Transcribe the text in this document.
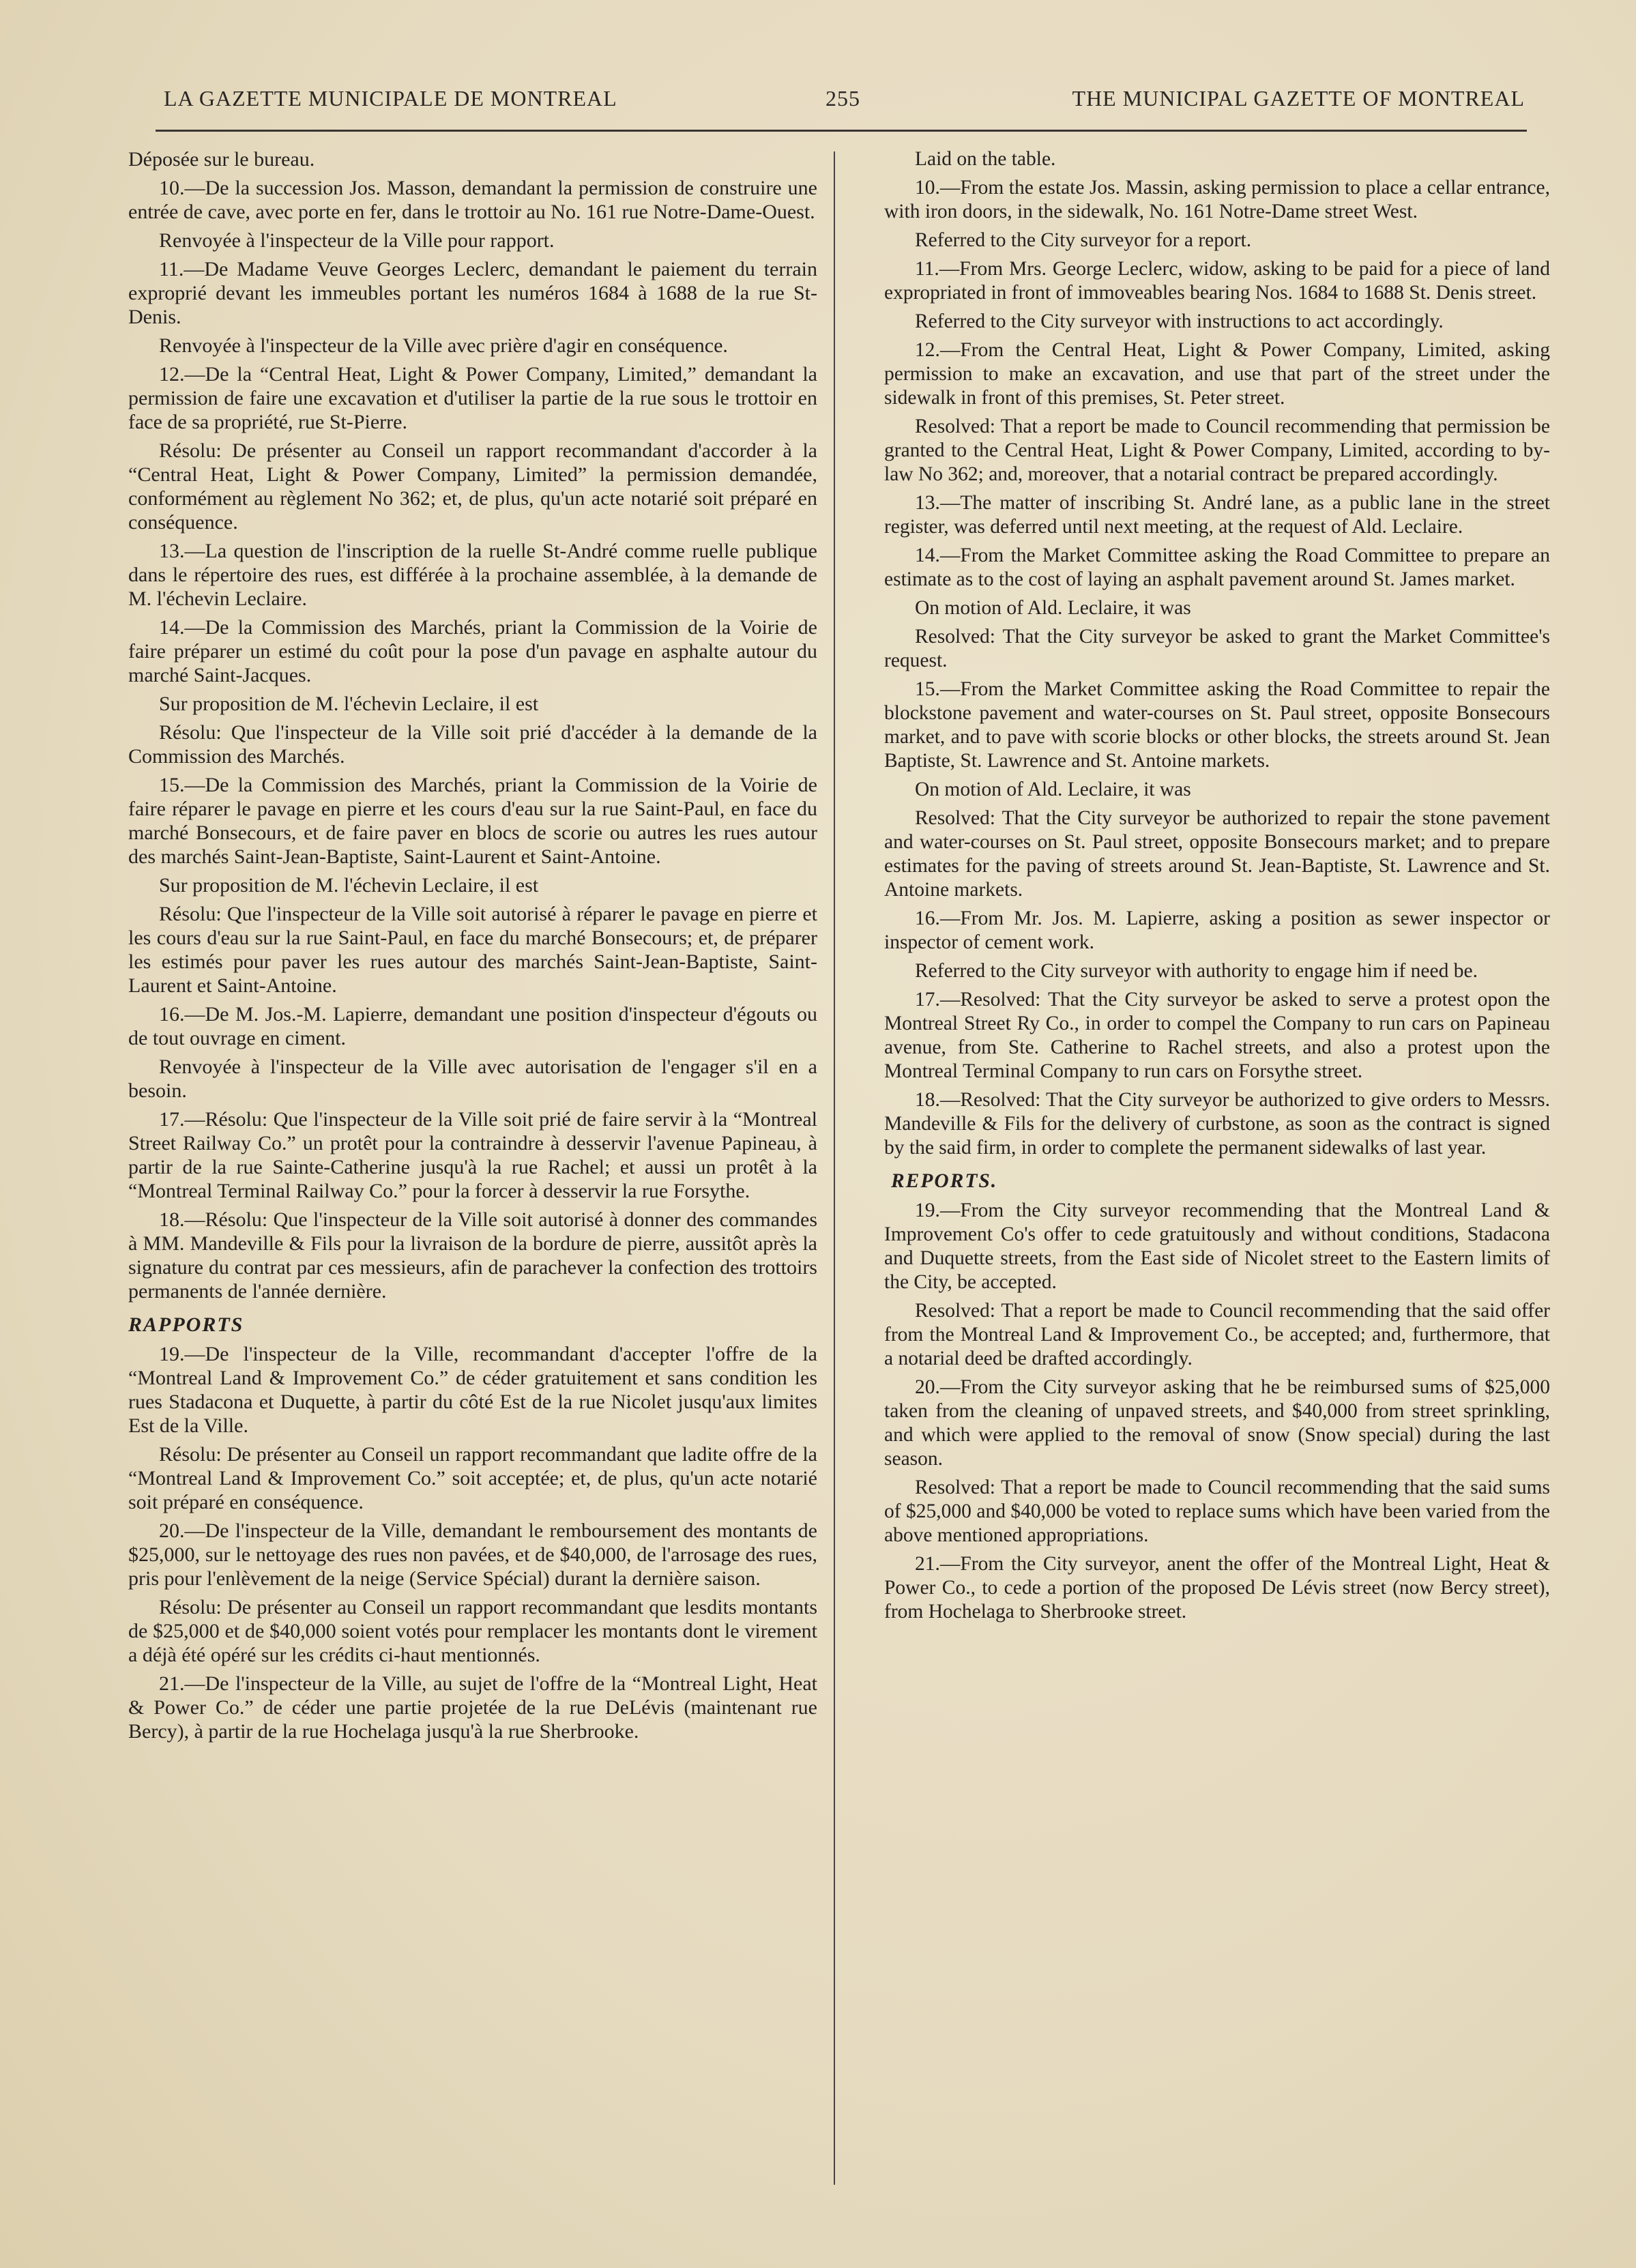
LA GAZETTE MUNICIPALE DE MONTREAL	255	THE MUNICIPAL GAZETTE OF MONTREAL

Déposée sur le bureau.

10.—De la succession Jos. Masson, demandant la permission de construire une entrée de cave, avec porte en fer, dans le trottoir au No. 161 rue Notre-Dame-Ouest.

Renvoyée à l'inspecteur de la Ville pour rapport.

11.—De Madame Veuve Georges Leclerc, demandant le paiement du terrain exproprié devant les immeubles portant les numéros 1684 à 1688 de la rue St-Denis.

Renvoyée à l'inspecteur de la Ville avec prière d'agir en conséquence.

12.—De la “Central Heat, Light & Power Company, Limited,” demandant la permission de faire une excavation et d'utiliser la partie de la rue sous le trottoir en face de sa propriété, rue St-Pierre.

Résolu: De présenter au Conseil un rapport recommandant d'accorder à la “Central Heat, Light & Power Company, Limited” la permission demandée, conformément au règlement No 362; et, de plus, qu'un acte notarié soit préparé en conséquence.

13.—La question de l'inscription de la ruelle St-André comme ruelle publique dans le répertoire des rues, est différée à la prochaine assemblée, à la demande de M. l'échevin Leclaire.

14.—De la Commission des Marchés, priant la Commission de la Voirie de faire préparer un estimé du coût pour la pose d'un pavage en asphalte autour du marché Saint-Jacques.

Sur proposition de M. l'échevin Leclaire, il est

Résolu: Que l'inspecteur de la Ville soit prié d'accéder à la demande de la Commission des Marchés.

15.—De la Commission des Marchés, priant la Commission de la Voirie de faire réparer le pavage en pierre et les cours d'eau sur la rue Saint-Paul, en face du marché Bonsecours, et de faire paver en blocs de scorie ou autres les rues autour des marchés Saint-Jean-Baptiste, Saint-Laurent et Saint-Antoine.

Sur proposition de M. l'échevin Leclaire, il est

Résolu: Que l'inspecteur de la Ville soit autorisé à réparer le pavage en pierre et les cours d'eau sur la rue Saint-Paul, en face du marché Bonsecours; et, de préparer les estimés pour paver les rues autour des marchés Saint-Jean-Baptiste, Saint-Laurent et Saint-Antoine.

16.—De M. Jos.-M. Lapierre, demandant une position d'inspecteur d'égouts ou de tout ouvrage en ciment.

Renvoyée à l'inspecteur de la Ville avec autorisation de l'engager s'il en a besoin.

17.—Résolu: Que l'inspecteur de la Ville soit prié de faire servir à la “Montreal Street Railway Co.” un protêt pour la contraindre à desservir l'avenue Papineau, à partir de la rue Sainte-Catherine jusqu'à la rue Rachel; et aussi un protêt à la “Montreal Terminal Railway Co.” pour la forcer à desservir la rue Forsythe.

18.—Résolu: Que l'inspecteur de la Ville soit autorisé à donner des commandes à MM. Mandeville & Fils pour la livraison de la bordure de pierre, aussitôt après la signature du contrat par ces messieurs, afin de parachever la confection des trottoirs permanents de l'année dernière.

RAPPORTS

19.—De l'inspecteur de la Ville, recommandant d'accepter l'offre de la “Montreal Land & Improvement Co.” de céder gratuitement et sans condition les rues Stadacona et Duquette, à partir du côté Est de la rue Nicolet jusqu'aux limites Est de la Ville.

Résolu: De présenter au Conseil un rapport recommandant que ladite offre de la “Montreal Land & Improvement Co.” soit acceptée; et, de plus, qu'un acte notarié soit préparé en conséquence.

20.—De l'inspecteur de la Ville, demandant le remboursement des montants de $25,000, sur le nettoyage des rues non pavées, et de $40,000, de l'arrosage des rues, pris pour l'enlèvement de la neige (Service Spécial) durant la dernière saison.

Résolu: De présenter au Conseil un rapport recommandant que lesdits montants de $25,000 et de $40,000 soient votés pour remplacer les montants dont le virement a déjà été opéré sur les crédits ci-haut mentionnés.

21.—De l'inspecteur de la Ville, au sujet de l'offre de la “Montreal Light, Heat & Power Co.” de céder une partie projetée de la rue DeLévis (maintenant rue Bercy), à partir de la rue Hochelaga jusqu'à la rue Sherbrooke.

Laid on the table.

10.—From the estate Jos. Massin, asking permission to place a cellar entrance, with iron doors, in the sidewalk, No. 161 Notre-Dame street West.

Referred to the City surveyor for a report.

11.—From Mrs. George Leclerc, widow, asking to be paid for a piece of land expropriated in front of immoveables bearing Nos. 1684 to 1688 St. Denis street.

Referred to the City surveyor with instructions to act accordingly.

12.—From the Central Heat, Light & Power Company, Limited, asking permission to make an excavation, and use that part of the street under the sidewalk in front of this premises, St. Peter street.

Resolved: That a report be made to Council recommending that permission be granted to the Central Heat, Light & Power Company, Limited, according to by-law No 362; and, moreover, that a notarial contract be prepared accordingly.

13.—The matter of inscribing St. André lane, as a public lane in the street register, was deferred until next meeting, at the request of Ald. Leclaire.

14.—From the Market Committee asking the Road Committee to prepare an estimate as to the cost of laying an asphalt pavement around St. James market.

On motion of Ald. Leclaire, it was

Resolved: That the City surveyor be asked to grant the Market Committee's request.

15.—From the Market Committee asking the Road Committee to repair the blockstone pavement and water-courses on St. Paul street, opposite Bonsecours market, and to pave with scorie blocks or other blocks, the streets around St. Jean Baptiste, St. Lawrence and St. Antoine markets.

On motion of Ald. Leclaire, it was

Resolved: That the City surveyor be authorized to repair the stone pavement and water-courses on St. Paul street, opposite Bonsecours market; and to prepare estimates for the paving of streets around St. Jean-Baptiste, St. Lawrence and St. Antoine markets.

16.—From Mr. Jos. M. Lapierre, asking a position as sewer inspector or inspector of cement work.

Referred to the City surveyor with authority to engage him if need be.

17.—Resolved: That the City surveyor be asked to serve a protest opon the Montreal Street Ry Co., in order to compel the Company to run cars on Papineau avenue, from Ste. Catherine to Rachel streets, and also a protest upon the Montreal Terminal Company to run cars on Forsythe street.

18.—Resolved: That the City surveyor be authorized to give orders to Messrs. Mandeville & Fils for the delivery of curbstone, as soon as the contract is signed by the said firm, in order to complete the permanent sidewalks of last year.

REPORTS.

19.—From the City surveyor recommending that the Montreal Land & Improvement Co's offer to cede gratuitously and without conditions, Stadacona and Duquette streets, from the East side of Nicolet street to the Eastern limits of the City, be accepted.

Resolved: That a report be made to Council recommending that the said offer from the Montreal Land & Improvement Co., be accepted; and, furthermore, that a notarial deed be drafted accordingly.

20.—From the City surveyor asking that he be reimbursed sums of $25,000 taken from the cleaning of unpaved streets, and $40,000 from street sprinkling, and which were applied to the removal of snow (Snow special) during the last season.

Resolved: That a report be made to Council recommending that the said sums of $25,000 and $40,000 be voted to replace sums which have been varied from the above mentioned appropriations.

21.—From the City surveyor, anent the offer of the Montreal Light, Heat & Power Co., to cede a portion of the proposed De Lévis street (now Bercy street), from Hochelaga to Sherbrooke street.
